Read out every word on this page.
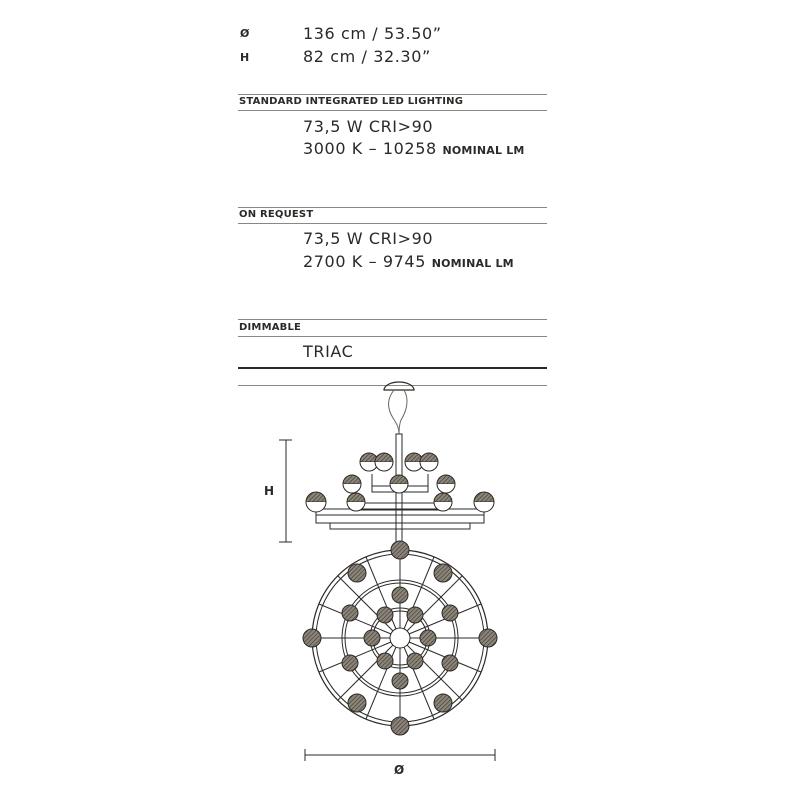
Ø	136 cm / 53.50”
H	82 cm / 32.30”
STANDARD INTEGRATED LED LIGHTING
73,5 W CRI>90
3000 K – 10258 NOMINAL LM
ON REQUEST
73,5 W CRI>90
2700 K – 9745 NOMINAL LM
DIMMABLE
TRIAC
H
Ø
